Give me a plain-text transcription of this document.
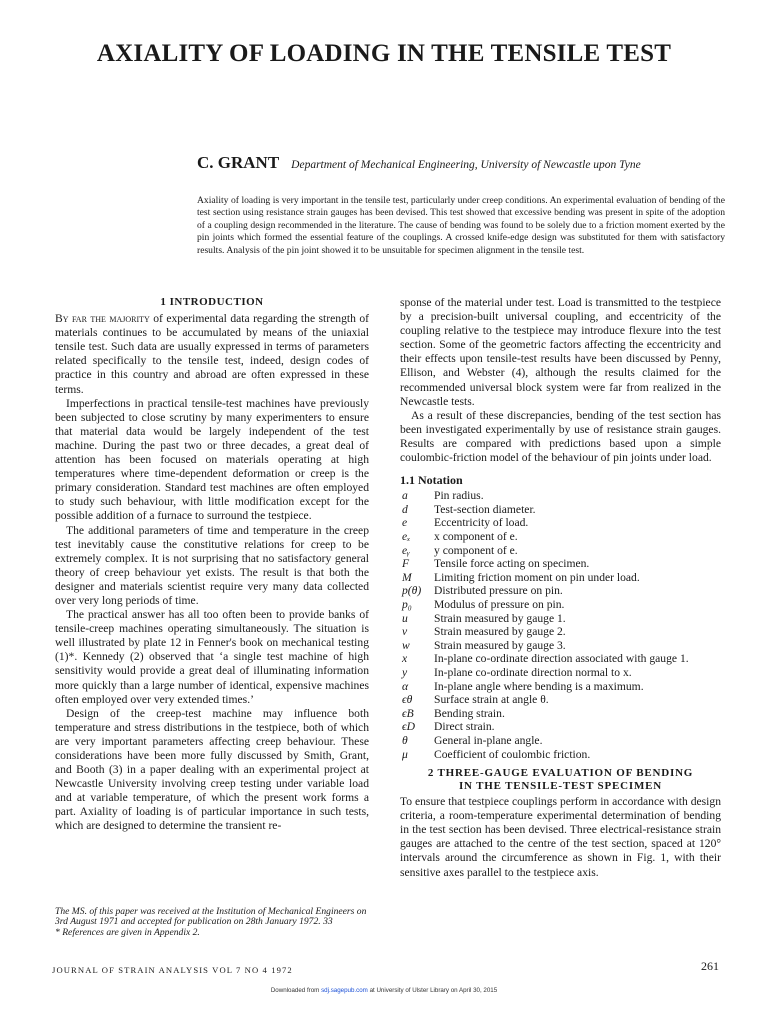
AXIALITY OF LOADING IN THE TENSILE TEST
C. GRANT Department of Mechanical Engineering, University of Newcastle upon Tyne
Axiality of loading is very important in the tensile test, particularly under creep conditions. An experimental evaluation of bending of the test section using resistance strain gauges has been devised. This test showed that excessive bending was present in spite of the adoption of a coupling design recommended in the literature. The cause of bending was found to be solely due to a friction moment exerted by the pin joints which formed the essential feature of the couplings. A crossed knife-edge design was substituted for them with satisfactory results. Analysis of the pin joint showed it to be unsuitable for specimen alignment in the tensile test.
1 INTRODUCTION

By far the majority of experimental data regarding the strength of materials continues to be accumulated by means of the uniaxial tensile test. Such data are usually expressed in terms of parameters related specifically to the tensile test, indeed, design codes of practice in this country and abroad are often expressed in these terms.

Imperfections in practical tensile-test machines have previously been subjected to close scrutiny by many experimenters to ensure that material data would be largely independent of the test machine. During the past two or three decades, a great deal of attention has been focused on materials operating at high temperatures where time-dependent deformation or creep is the primary consideration. Standard test machines are often employed to study such behaviour, with little modification except for the possible addition of a furnace to surround the testpiece.

The additional parameters of time and temperature in the creep test inevitably cause the constitutive relations for creep to be extremely complex. It is not surprising that no satisfactory general theory of creep behaviour yet exists. The result is that both the designer and materials scientist require very many data collected over very long periods of time.

The practical answer has all too often been to provide banks of tensile-creep machines operating simultaneously. The situation is well illustrated by plate 12 in Fenner's book on mechanical testing (1)*. Kennedy (2) observed that ‘a single test machine of high sensitivity would provide a great deal of illuminating information more quickly than a large number of identical, expensive machines often employed over very extended times.’

Design of the creep-test machine may influence both temperature and stress distributions in the testpiece, both of which are very important parameters affecting creep behaviour. These considerations have been more fully discussed by Smith, Grant, and Booth (3) in a paper dealing with an experimental project at Newcastle University involving creep testing under variable load and at variable temperature, of which the present work forms a part. Axiality of loading is of particular importance in such tests, which are designed to determine the transient re-

sponse of the material under test. Load is transmitted to the testpiece by a precision-built universal coupling, and eccentricity of the coupling relative to the testpiece may introduce flexure into the test section. Some of the geometric factors affecting the eccentricity and their effects upon tensile-test results have been discussed by Penny, Ellison, and Webster (4), although the results claimed for the recommended universal block system were far from realized in the Newcastle tests.

As a result of these discrepancies, bending of the test section has been investigated experimentally by use of resistance strain gauges. Results are compared with predictions based upon a simple coulombic-friction model of the behaviour of pin joints under load.

1.1 Notation
a	Pin radius.
d	Test-section diameter.
e	Eccentricity of load.
eₓ	x component of e.
eᵧ	y component of e.
F	Tensile force acting on specimen.
M	Limiting friction moment on pin under load.
p(θ)	Distributed pressure on pin.
p₀	Modulus of pressure on pin.
u	Strain measured by gauge 1.
v	Strain measured by gauge 2.
w	Strain measured by gauge 3.
x	In-plane co-ordinate direction associated with gauge 1.
y	In-plane co-ordinate direction normal to x.
α	In-plane angle where bending is a maximum.
ϵθ	Surface strain at angle θ.
ϵB	Bending strain.
ϵD	Direct strain.
θ	General in-plane angle.
μ	Coefficient of coulombic friction.
2 THREE-GAUGE EVALUATION OF BENDING
IN THE TENSILE-TEST SPECIMEN

To ensure that testpiece couplings perform in accordance with design criteria, a room-temperature experimental determination of bending in the test section has been devised. Three electrical-resistance strain gauges are attached to the centre of the test section, spaced at 120° intervals around the circumference as shown in Fig. 1, with their sensitive axes parallel to the testpiece axis.

The MS. of this paper was received at the Institution of Mechanical Engineers on 3rd August 1971 and accepted for publication on 28th January 1972. 33
* References are given in Appendix 2.
JOURNAL OF STRAIN ANALYSIS VOL 7 NO 4 1972	261
Downloaded from sdj.sagepub.com at University of Ulster Library on April 30, 2015
